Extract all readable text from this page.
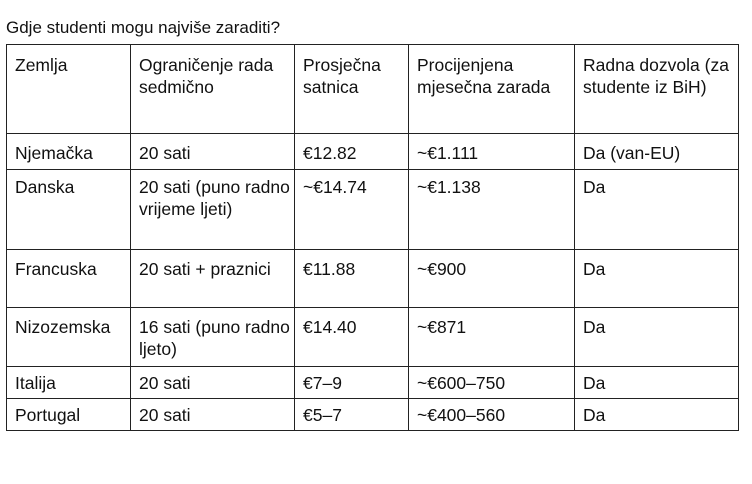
Gdje studenti mogu najviše zaraditi?
Zemlja	Ograničenje rada sedmično	Prosječna satnica	Procijenjena mjesečna zarada	Radna dozvola (za studente iz BiH)
Njemačka	20 sati	€12.82	~€1.111	Da (van-EU)
Danska	20 sati (puno radno vrijeme ljeti)	~€14.74	~€1.138	Da
Francuska	20 sati + praznici	€11.88	~€900	Da
Nizozemska	16 sati (puno radno ljeto)	€14.40	~€871	Da
Italija	20 sati	€7–9	~€600–750	Da
Portugal	20 sati	€5–7	~€400–560	Da
